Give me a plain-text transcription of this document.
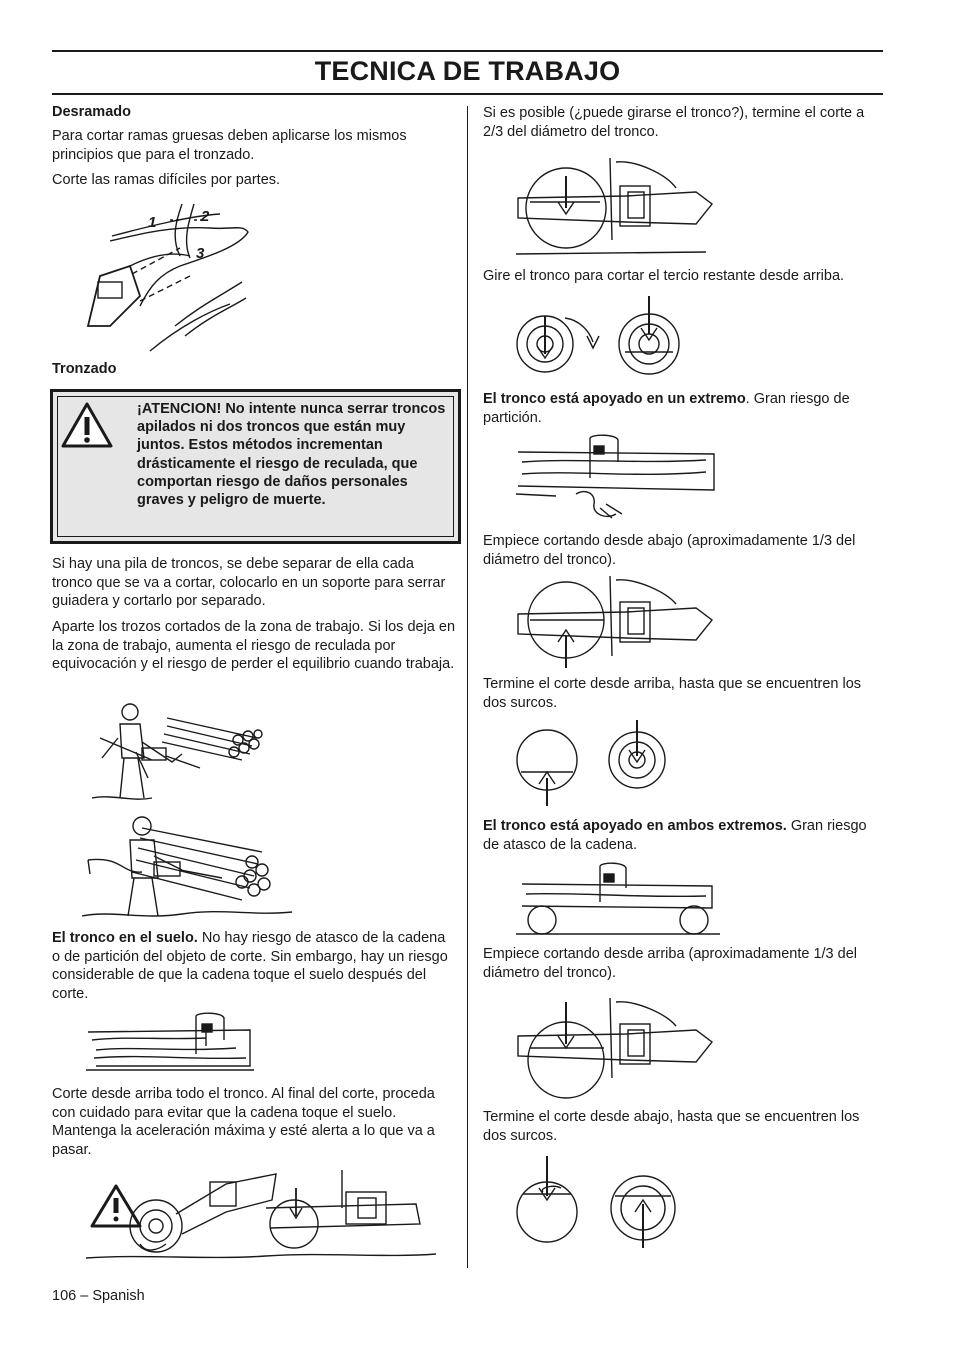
TECNICA DE TRABAJO
Desramado

Para cortar ramas gruesas deben aplicarse los mismos principios que para el tronzado.

Corte las ramas difíciles por partes.

1	2
3
Tronzado

¡ATENCION! No intente nunca serrar troncos apilados ni dos troncos que están muy juntos. Estos métodos incrementan drásticamente el riesgo de reculada, que comportan riesgo de daños personales graves y peligro de muerte.

Si hay una pila de troncos, se debe separar de ella cada tronco que se va a cortar, colocarlo en un soporte para serrar guiadera y cortarlo por separado.

Aparte los trozos cortados de la zona de trabajo. Si los deja en la zona de trabajo, aumenta el riesgo de reculada por equivocación y el riesgo de perder el equilibrio cuando trabaja.

El tronco en el suelo. No hay riesgo de atasco de la cadena o de partición del objeto de corte. Sin embargo, hay un riesgo considerable de que la cadena toque el suelo después del corte.

Corte desde arriba todo el tronco. Al final del corte, proceda con cuidado para evitar que la cadena toque el suelo. Mantenga la aceleración máxima y esté alerta a lo que va a pasar.

106 – Spanish

Si es posible (¿puede girarse el tronco?), termine el corte a 2/3 del diámetro del tronco.

Gire el tronco para cortar el tercio restante desde arriba.

El tronco está apoyado en un extremo. Gran riesgo de partición.

Empiece cortando desde abajo (aproximadamente 1/3 del diámetro del tronco).

Termine el corte desde arriba, hasta que se encuentren los dos surcos.

El tronco está apoyado en ambos extremos. Gran riesgo de atasco de la cadena.

Empiece cortando desde arriba (aproximadamente 1/3 del diámetro del tronco).

Termine el corte desde abajo, hasta que se encuentren los dos surcos.
